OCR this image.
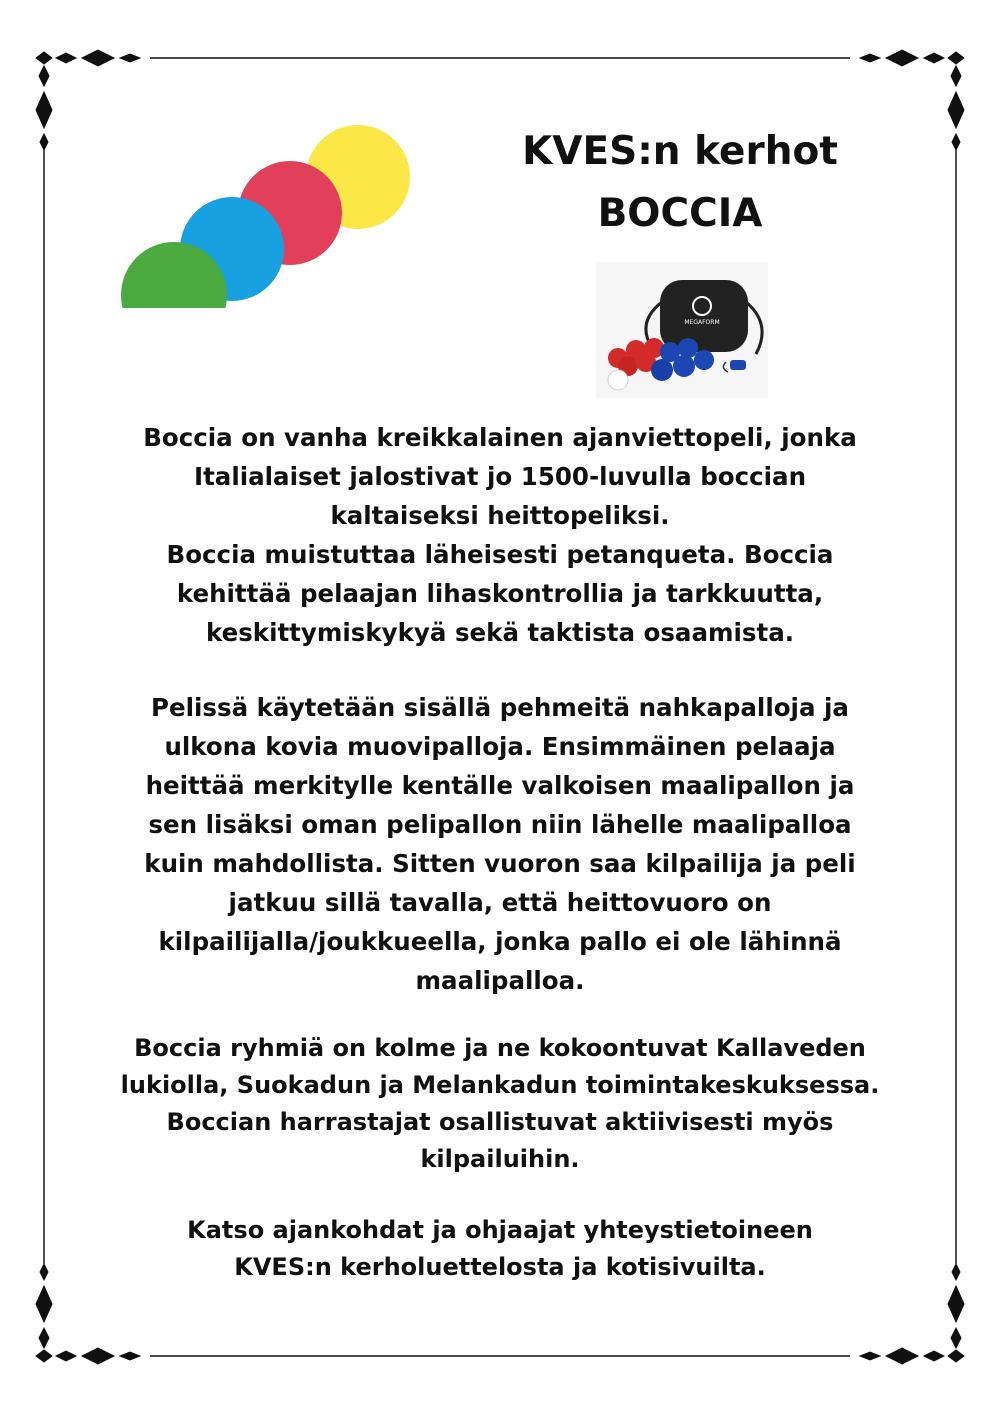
KVES:n kerhot
BOCCIA
MEGAFORM
Boccia on vanha kreikkalainen ajanviettopeli, jonka
Italialaiset jalostivat jo 1500-luvulla boccian
kaltaiseksi heittopeliksi.
Boccia muistuttaa läheisesti petanqueta. Boccia
kehittää pelaajan lihaskontrollia ja tarkkuutta,
keskittymiskykyä sekä taktista osaamista.
Pelissä käytetään sisällä pehmeitä nahkapalloja ja
ulkona kovia muovipalloja. Ensimmäinen pelaaja
heittää merkitylle kentälle valkoisen maalipallon ja
sen lisäksi oman pelipallon niin lähelle maalipalloa
kuin mahdollista. Sitten vuoron saa kilpailija ja peli
jatkuu sillä tavalla, että heittovuoro on
kilpailijalla/joukkueella, jonka pallo ei ole lähinnä
maalipalloa.
Boccia ryhmiä on kolme ja ne kokoontuvat Kallaveden
lukiolla, Suokadun ja Melankadun toimintakeskuksessa.
Boccian harrastajat osallistuvat aktiivisesti myös
kilpailuihin.
Katso ajankohdat ja ohjaajat yhteystietoineen
KVES:n kerholuettelosta ja kotisivuilta.
